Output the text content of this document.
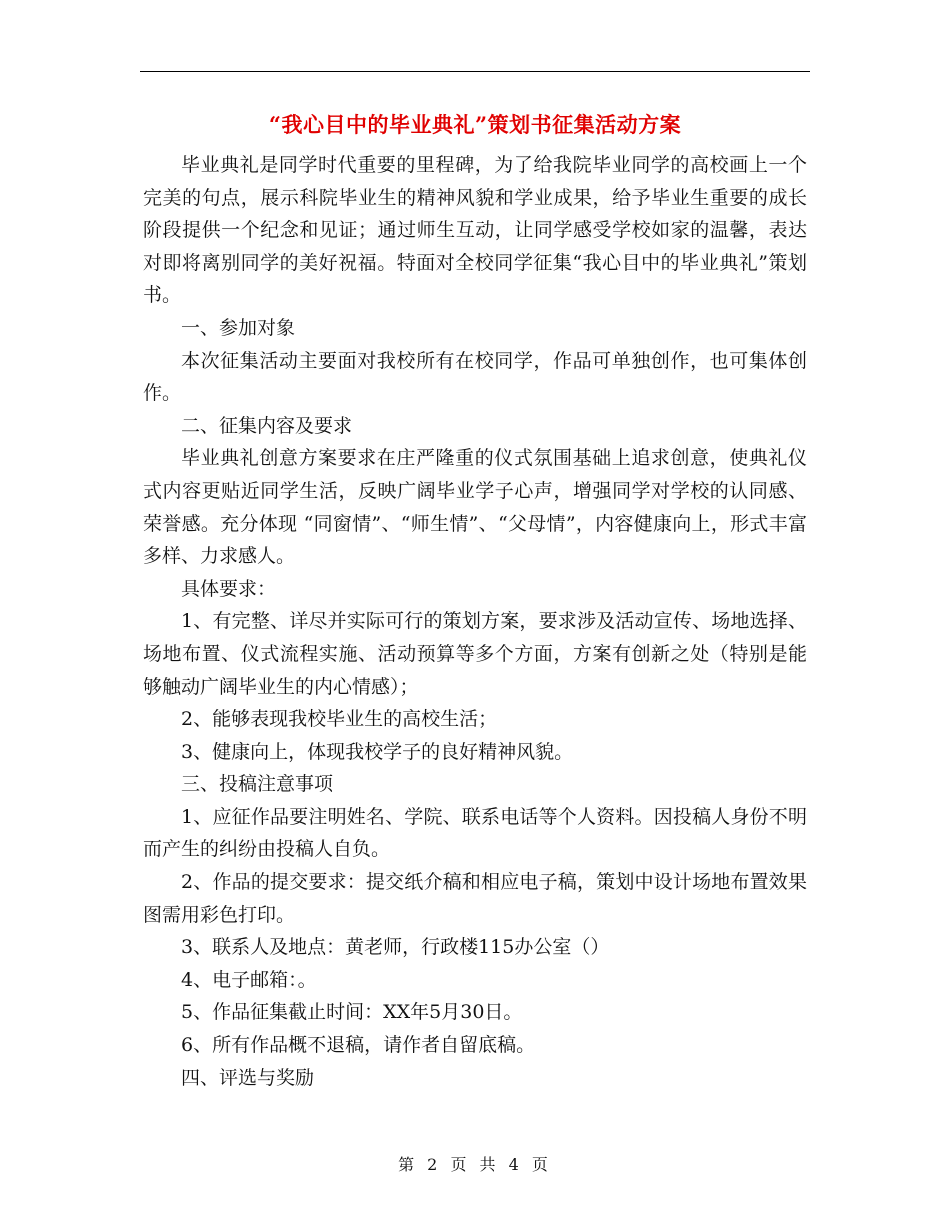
“我心目中的毕业典礼”策划书征集活动方案

毕业典礼是同学时代重要的里程碑，为了给我院毕业同学的高校画上一个完美的句点，展示科院毕业生的精神风貌和学业成果，给予毕业生重要的成长阶段提供一个纪念和见证；通过师生互动，让同学感受学校如家的温馨，表达对即将离别同学的美好祝福。特面对全校同学征集“我心目中的毕业典礼”策划书。

一、参加对象

本次征集活动主要面对我校所有在校同学，作品可单独创作，也可集体创作。

二、征集内容及要求

毕业典礼创意方案要求在庄严隆重的仪式氛围基础上追求创意，使典礼仪式内容更贴近同学生活，反映广阔毕业学子心声，增强同学对学校的认同感、荣誉感。充分体现 “同窗情”、“师生情”、“父母情”，内容健康向上，形式丰富多样、力求感人。

具体要求：

1、有完整、详尽并实际可行的策划方案，要求涉及活动宣传、场地选择、场地布置、仪式流程实施、活动预算等多个方面，方案有创新之处（特别是能够触动广阔毕业生的内心情感）；

2、能够表现我校毕业生的高校生活；

3、健康向上，体现我校学子的良好精神风貌。

三、投稿注意事项

1、应征作品要注明姓名、学院、联系电话等个人资料。因投稿人身份不明而产生的纠纷由投稿人自负。

2、作品的提交要求：提交纸介稿和相应电子稿，策划中设计场地布置效果图需用彩色打印。

3、联系人及地点：黄老师，行政楼115办公室（）

4、电子邮箱：。

5、作品征集截止时间：XX年5月30日。

6、所有作品概不退稿，请作者自留底稿。

四、评选与奖励

第 2 页 共 4 页
